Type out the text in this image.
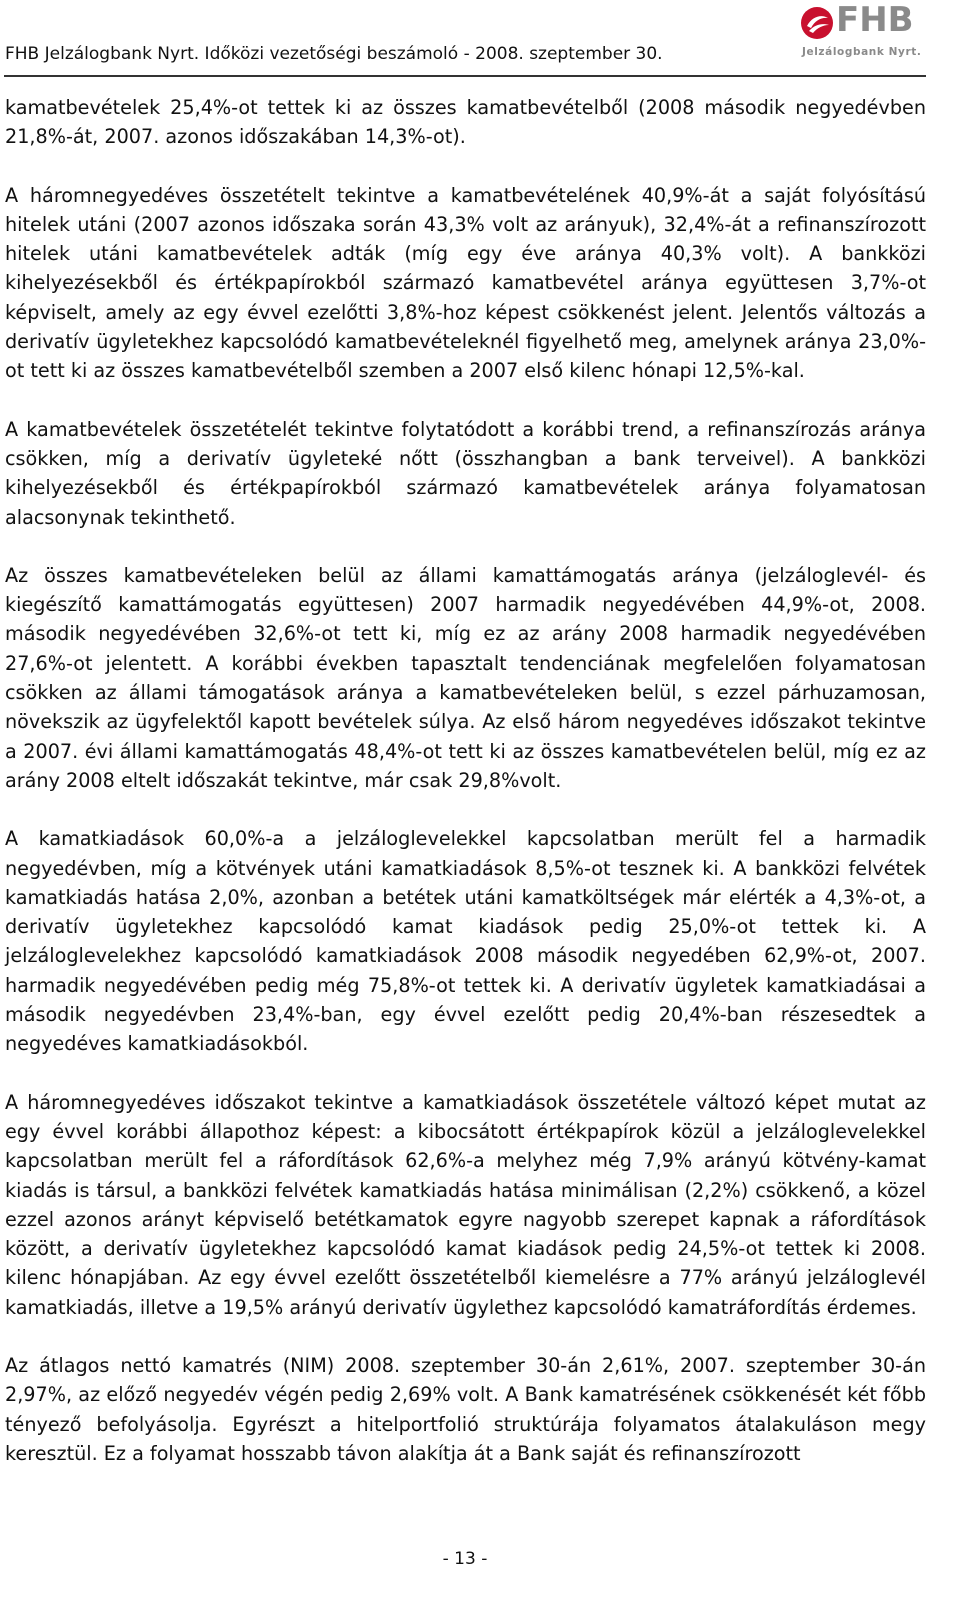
FHB Jelzálogbank Nyrt. Időközi vezetőségi beszámoló - 2008. szeptember 30.
FHB
Jelzálogbank Nyrt.

kamatbevételek 25,4%-ot tettek ki az összes kamatbevételből (2008 második negyedévben 21,8%-át, 2007. azonos időszakában 14,3%-ot).

A háromnegyedéves összetételt tekintve a kamatbevételének 40,9%-át a saját folyósítású hitelek utáni (2007 azonos időszaka során 43,3% volt az arányuk), 32,4%-át a refinanszírozott hitelek utáni kamatbevételek adták (míg egy éve aránya 40,3% volt). A bankközi kihelyezésekből és értékpapírokból származó kamatbevétel aránya együttesen 3,7%-ot képviselt, amely az egy évvel ezelőtti 3,8%-hoz képest csökkenést jelent. Jelentős változás a derivatív ügyletekhez kapcsolódó kamatbevételeknél figyelhető meg, amelynek aránya 23,0%-ot tett ki az összes kamatbevételből szemben a 2007 első kilenc hónapi 12,5%-kal.

A kamatbevételek összetételét tekintve folytatódott a korábbi trend, a refinanszírozás aránya csökken, míg a derivatív ügyleteké nőtt (összhangban a bank terveivel). A bankközi kihelyezésekből és értékpapírokból származó kamatbevételek aránya folyamatosan alacsonynak tekinthető.

Az összes kamatbevételeken belül az állami kamattámogatás aránya (jelzáloglevél- és kiegészítő kamattámogatás együttesen) 2007 harmadik negyedévében 44,9%-ot, 2008. második negyedévében 32,6%-ot tett ki, míg ez az arány 2008 harmadik negyedévében 27,6%-ot jelentett. A korábbi években tapasztalt tendenciának megfelelően folyamatosan csökken az állami támogatások aránya a kamatbevételeken belül, s ezzel párhuzamosan, növekszik az ügyfelektől kapott bevételek súlya. Az első három negyedéves időszakot tekintve a 2007. évi állami kamattámogatás 48,4%-ot tett ki az összes kamatbevételen belül, míg ez az arány 2008 eltelt időszakát tekintve, már csak 29,8%volt.

A kamatkiadások 60,0%-a a jelzáloglevelekkel kapcsolatban merült fel a harmadik negyedévben, míg a kötvények utáni kamatkiadások 8,5%-ot tesznek ki. A bankközi felvétek kamatkiadás hatása 2,0%, azonban a betétek utáni kamatköltségek már elérték a 4,3%-ot, a derivatív ügyletekhez kapcsolódó kamat kiadások pedig 25,0%-ot tettek ki. A jelzáloglevelekhez kapcsolódó kamatkiadások 2008 második negyedében 62,9%-ot, 2007. harmadik negyedévében pedig még 75,8%-ot tettek ki. A derivatív ügyletek kamatkiadásai a második negyedévben 23,4%-ban, egy évvel ezelőtt pedig 20,4%-ban részesedtek a negyedéves kamatkiadásokból.

A háromnegyedéves időszakot tekintve a kamatkiadások összetétele változó képet mutat az egy évvel korábbi állapothoz képest: a kibocsátott értékpapírok közül a jelzáloglevelekkel kapcsolatban merült fel a ráfordítások 62,6%-a melyhez még 7,9% arányú kötvény-kamat kiadás is társul, a bankközi felvétek kamatkiadás hatása minimálisan (2,2%) csökkenő, a közel ezzel azonos arányt képviselő betétkamatok egyre nagyobb szerepet kapnak a ráfordítások között, a derivatív ügyletekhez kapcsolódó kamat kiadások pedig 24,5%-ot tettek ki 2008. kilenc hónapjában. Az egy évvel ezelőtt összetételből kiemelésre a 77% arányú jelzáloglevél kamatkiadás, illetve a 19,5% arányú derivatív ügylethez kapcsolódó kamatráfordítás érdemes.

Az átlagos nettó kamatrés (NIM) 2008. szeptember 30-án 2,61%, 2007. szeptember 30-án 2,97%, az előző negyedév végén pedig 2,69% volt. A Bank kamatrésének csökkenését két főbb tényező befolyásolja. Egyrészt a hitelportfolió struktúrája folyamatos átalakuláson megy keresztül. Ez a folyamat hosszabb távon alakítja át a Bank saját és refinanszírozott

- 13 -
